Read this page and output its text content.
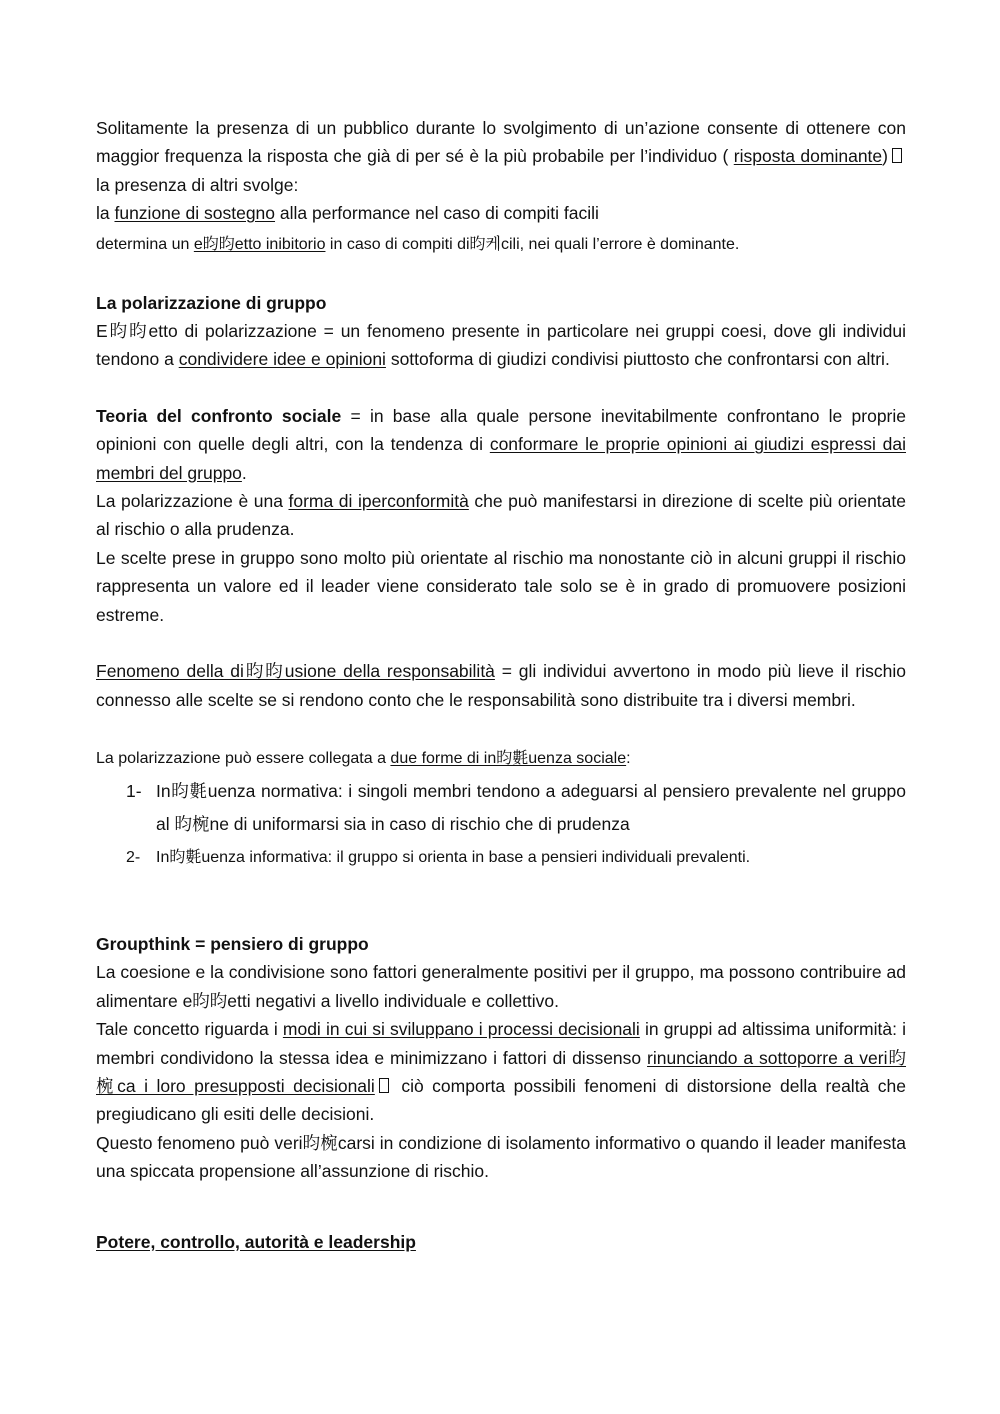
Solitamente la presenza di un pubblico durante lo svolgimento di un’azione consente di ottenere con maggior frequenza la risposta che già di per sé è la più probabile per l’individuo ( risposta dominante) la presenza di altri svolge:

la funzione di sostegno alla performance nel caso di compiti facili

determina un e昀昀etto inibitorio in caso di compiti di昀케cili, nei quali l’errore è dominante.

La polarizzazione di gruppo

E昀昀etto di polarizzazione = un fenomeno presente in particolare nei gruppi coesi, dove gli individui tendono a condividere idee e opinioni sottoforma di giudizi condivisi piuttosto che confrontarsi con altri.

Teoria del confronto sociale = in base alla quale persone inevitabilmente confrontano le proprie opinioni con quelle degli altri, con la tendenza di conformare le proprie opinioni ai giudizi espressi dai membri del gruppo.

La polarizzazione è una forma di iperconformità che può manifestarsi in direzione di scelte più orientate al rischio o alla prudenza.

Le scelte prese in gruppo sono molto più orientate al rischio ma nonostante ciò in alcuni gruppi il rischio rappresenta un valore ed il leader viene considerato tale solo se è in grado di promuovere posizioni estreme.

Fenomeno della di昀昀usione della responsabilità = gli individui avvertono in modo più lieve il rischio connesso alle scelte se si rendono conto che le responsabilità sono distribuite tra i diversi membri.

La polarizzazione può essere collegata a due forme di in昀氀uenza sociale:

1- In昀氀uenza normativa: i singoli membri tendono a adeguarsi al pensiero prevalente nel gruppo al 昀椀ne di uniformarsi sia in caso di rischio che di prudenza
2- In昀氀uenza informativa: il gruppo si orienta in base a pensieri individuali prevalenti.

Groupthink = pensiero di gruppo

La coesione e la condivisione sono fattori generalmente positivi per il gruppo, ma possono contribuire ad alimentare e昀昀etti negativi a livello individuale e collettivo.

Tale concetto riguarda i modi in cui si sviluppano i processi decisionali in gruppi ad altissima uniformità: i membri condividono la stessa idea e minimizzano i fattori di dissenso rinunciando a sottoporre a veri昀椀ca i loro presupposti decisionali ciò comporta possibili fenomeni di distorsione della realtà che pregiudicano gli esiti delle decisioni.

Questo fenomeno può veri昀椀carsi in condizione di isolamento informativo o quando il leader manifesta una spiccata propensione all’assunzione di rischio.

Potere, controllo, autorità e leadership
